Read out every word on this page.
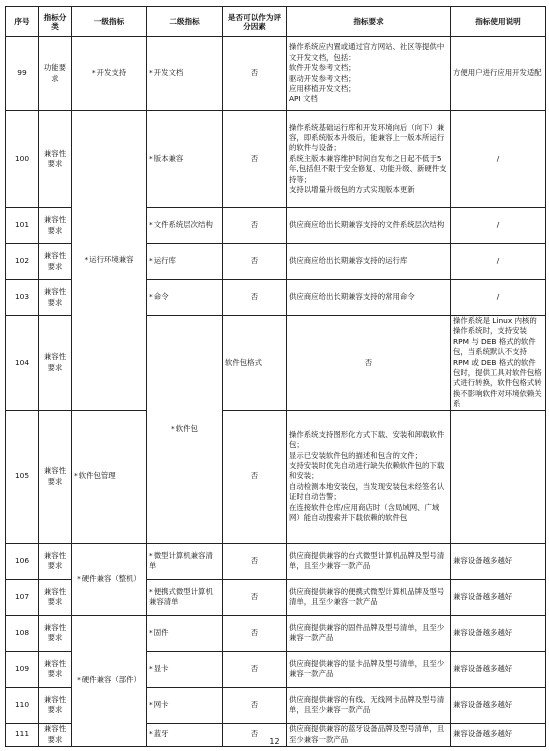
序号	指标分类	一级指标	二级指标	是否可以作为评分因素	指标要求	指标使用说明	
99	功能要求	*开发支持	*开发文档	否	操作系统应内置或通过官方网站、社区等提供中文开发文档，包括：
软件开发参考文档；
驱动开发参考文档；
应用移植开发文档；
API 文档	方便用户进行应用开发适配	
100	兼容性要求	*运行环境兼容	*版本兼容	否	操作系统基础运行库和开发环境向后（向下）兼容，即系统版本升级后，能兼容上一版本所运行的软件与设备；
系统主版本兼容维护时间自发布之日起不低于5年,包括但不限于安全修复、功能升级、新硬件支持等；
支持以增量升级包的方式实现版本更新	/	
101	兼容性要求		*文件系统层次结构	否	供应商应给出长期兼容支持的文件系统层次结构	/	
102	兼容性要求		*运行库	否	供应商应给出长期兼容支持的运行库	/	
103	兼容性要求		*命令	否	供应商应给出长期兼容支持的常用命令	/	
104	兼容性要求		*软件包	软件包格式	否	操作系统是 Linux 内核的操作系统时，支持安装 RPM 与 DEB 格式的软件包，当系统默认不支持 RPM 或 DEB 格式的软件包时，提供工具对软件包格式进行转换，软件包格式转换不影响软件对环境依赖关系

105	兼容性要求	*软件包管理		否	操作系统支持图形化方式下载、安装和卸载软件包；
显示已安装软件包的描述和包含的文件；
支持安装时优先自动进行缺失依赖软件包的下载和安装；
自动检测本地安装包，当发现安装包未经签名认证时自动告警；
在连接软件仓库/应用商店时（含局域网、广域网）能自动搜索并下载依赖的软件包		

106	兼容性要求	*硬件兼容（整机）	*微型计算机兼容清单	否	供应商提供兼容的台式微型计算机品牌及型号清单，且至少兼容一款产品	兼容设备越多越好	
107	兼容性要求		*便携式微型计算机兼容清单	否	供应商提供兼容的便携式微型计算机品牌及型号清单，且至少兼容一款产品	兼容设备越多越好	
108	兼容性要求	*硬件兼容（部件）	*固件	否	供应商提供兼容的固件品牌及型号清单，且至少兼容一款产品	兼容设备越多越好	
109	兼容性要求		*显卡	否	供应商提供兼容的显卡品牌及型号清单，且至少兼容一款产品	兼容设备越多越好	
110	兼容性要求		*网卡	否	供应商提供兼容的有线、无线网卡品牌及型号清单，且至少兼容一款产品	兼容设备越多越好	
111	兼容性要求		*蓝牙	否	供应商提供兼容的蓝牙设备品牌及型号清单，且至少兼容一款产品	兼容设备越多越好	
12
